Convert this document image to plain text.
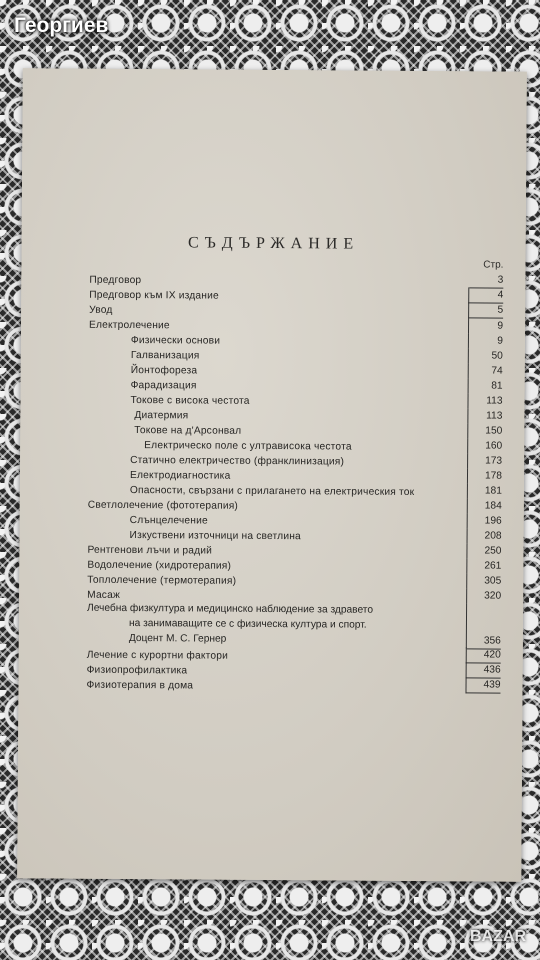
Георгиев
СЪДЪРЖАНИЕ
Стр.
Предговор	3
Предговор към IX издание	4
Увод	5
Електролечение	9
Физически основи	9
Галванизация	50
Йонтофореза	74
Фарадизация	81
Токове с висока честота	113
Диатермия	113
Токове на д'Арсонвал	150
Електрическо поле с ултрависока честота	160
Статично електричество (франклинизация)	173
Електродиагностика	178
Опасности, свързани с прилагането на електрическия ток	181
Светлолечение (фототерапия)	184
Слънцелечение	196
Изкуствени източници на светлина	208
Рентгенови лъчи и радий	250
Водолечение (хидротерапия)	261
Топлолечение (термотерапия)	305
Масаж	320
Лечебна физкултура и медицинско наблюдение за здравето
на занимаващите се с физическа култура и спорт.
Доцент М. С. Гернер	356
Лечение с курортни фактори	420
Физиопрофилактика	436
Физиотерапия в дома	439
BAZAR
